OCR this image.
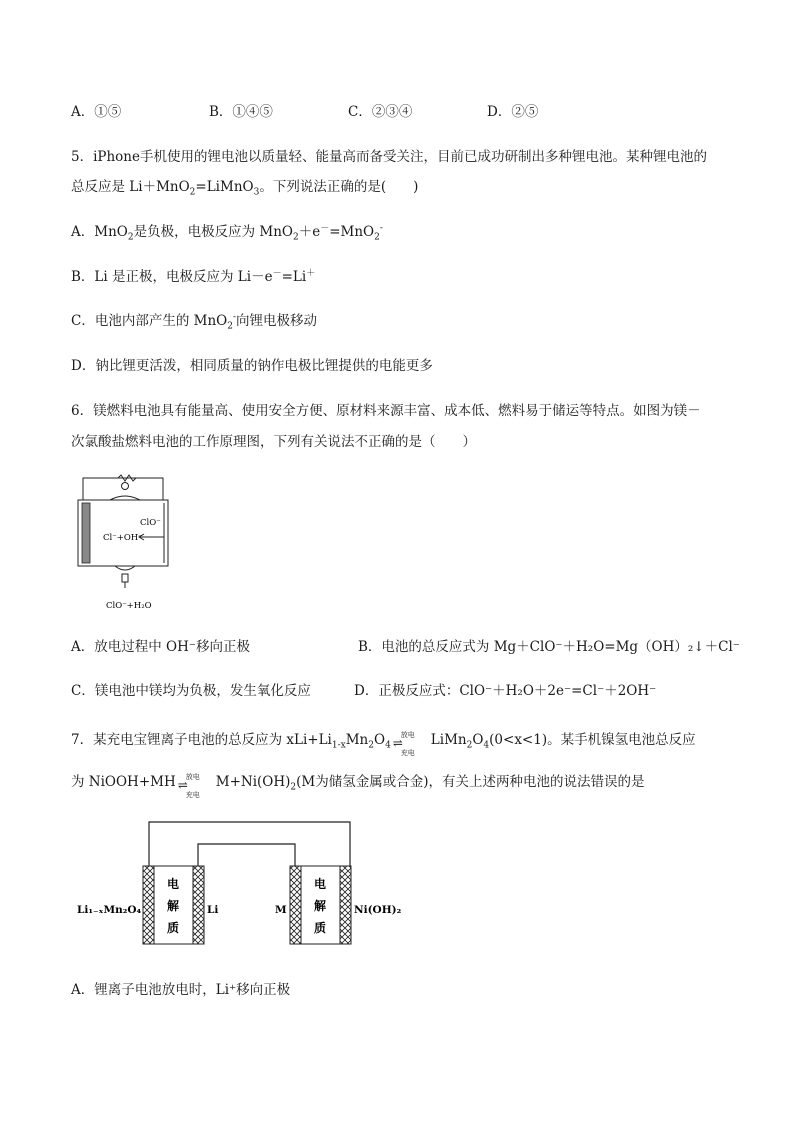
A．①⑤	B．①④⑤	C．②③④	D．②⑤
5．iPhone手机使用的锂电池以质量轻、能量高而备受关注，目前已成功研制出多种锂电池。某种锂电池的
总反应是 Li＋MnO$_2$=LiMnO$_3$。下列说法正确的是(　　)
A．MnO$_2$是负极，电极反应为 MnO$_2$＋e－=MnO$_2$-
B．Li 是正极，电极反应为 Li－e－=Li＋
C．电池内部产生的 MnO$_2$-向锂电极移动
D．钠比锂更活泼，相同质量的钠作电极比锂提供的电能更多
6．镁燃料电池具有能量高、使用安全方便、原材料来源丰富、成本低、燃料易于储运等特点。如图为镁－
次氯酸盐燃料电池的工作原理图，下列有关说法不正确的是（　　）
ClO⁻
Cl⁻+OH⁻
ClO⁻+H₂O
A．放电过程中 OH⁻移向正极	B．电池的总反应式为 Mg＋ClO⁻＋H₂O=Mg（OH）₂↓＋Cl⁻
C．镁电池中镁均为负极，发生氧化反应	D．正极反应式：ClO⁻＋H₂O＋2e⁻=Cl⁻＋2OH⁻
7．某充电宝锂离子电池的总反应为 $xLi+Li_{1-x}Mn_2O_4$
放电
⇌
充电
$LiMn_2O_4(0<x<1)$。某手机镍氢电池总反应
为 NiOOH+MH 放电
⇌
充电
$M+Ni(OH)_2(M$为储氢金属或合金)，有关上述两种电池的说法错误的是
电
解
质
电
解
质
Li₁₋ₓMn₂O₄	Li	M	Ni(OH)₂
A．锂离子电池放电时，Li⁺移向正极
